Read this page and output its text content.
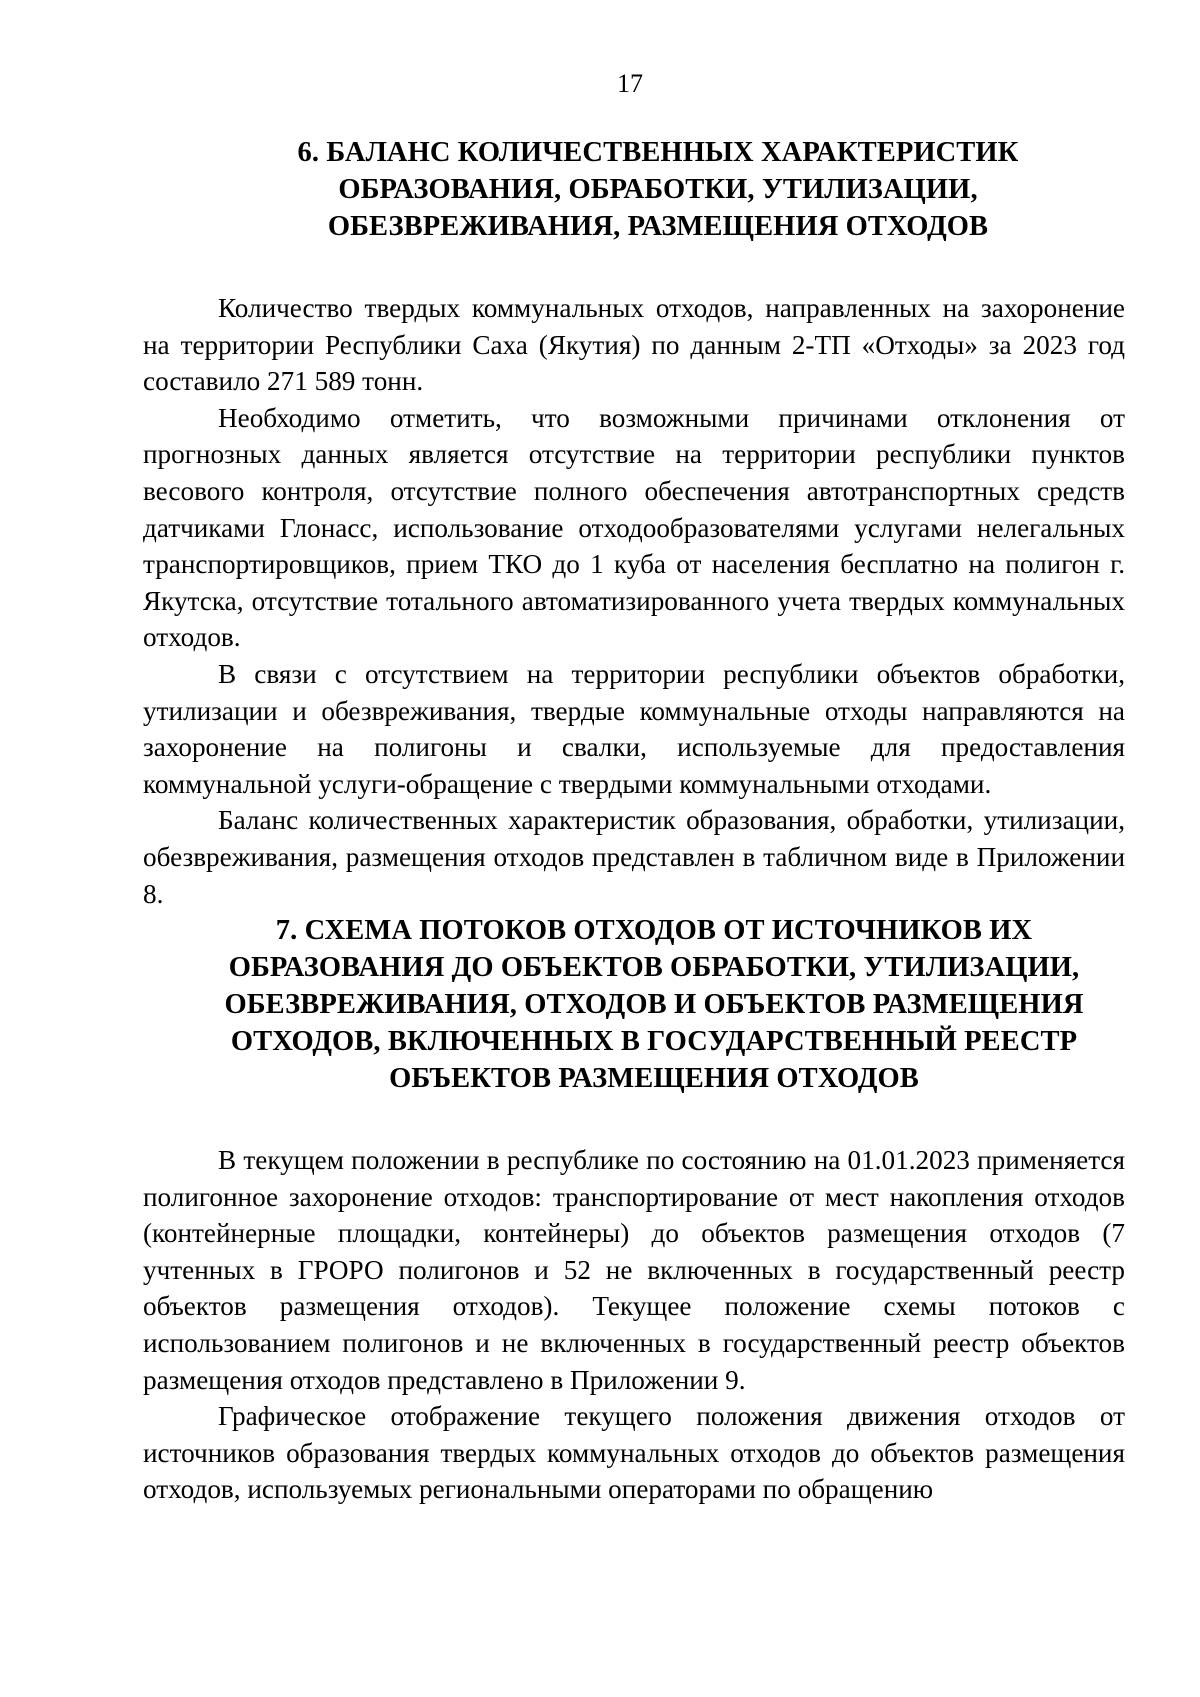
17
6. БАЛАНС КОЛИЧЕСТВЕННЫХ ХАРАКТЕРИСТИК
ОБРАЗОВАНИЯ, ОБРАБОТКИ, УТИЛИЗАЦИИ,
ОБЕЗВРЕЖИВАНИЯ, РАЗМЕЩЕНИЯ ОТХОДОВ

Количество твердых коммунальных отходов, направленных на захоронение на территории Республики Саха (Якутия) по данным 2-ТП «Отходы» за 2023 год составило 271 589 тонн.

Необходимо отметить, что возможными причинами отклонения от прогнозных данных является отсутствие на территории республики пунктов весового контроля, отсутствие полного обеспечения автотранспортных средств датчиками Глонасс, использование отходообразователями услугами нелегальных транспортировщиков, прием ТКО до 1 куба от населения бесплатно на полигон г. Якутска, отсутствие тотального автоматизированного учета твердых коммунальных отходов.

В связи с отсутствием на территории республики объектов обработки, утилизации и обезвреживания, твердые коммунальные отходы направляются на захоронение на полигоны и свалки, используемые для предоставления коммунальной услуги-обращение с твердыми коммунальными отходами.

Баланс количественных характеристик образования, обработки, утилизации, обезвреживания, размещения отходов представлен в табличном виде в Приложении 8.

7. СХЕМА ПОТОКОВ ОТХОДОВ ОТ ИСТОЧНИКОВ ИХ
ОБРАЗОВАНИЯ ДО ОБЪЕКТОВ ОБРАБОТКИ, УТИЛИЗАЦИИ,
ОБЕЗВРЕЖИВАНИЯ, ОТХОДОВ И ОБЪЕКТОВ РАЗМЕЩЕНИЯ
ОТХОДОВ, ВКЛЮЧЕННЫХ В ГОСУДАРСТВЕННЫЙ РЕЕСТР
ОБЪЕКТОВ РАЗМЕЩЕНИЯ ОТХОДОВ

В текущем положении в республике по состоянию на 01.01.2023 применяется полигонное захоронение отходов: транспортирование от мест накопления отходов (контейнерные площадки, контейнеры) до объектов размещения отходов (7 учтенных в ГРОРО полигонов и 52 не включенных в государственный реестр объектов размещения отходов). Текущее положение схемы потоков с использованием полигонов и не включенных в государственный реестр объектов размещения отходов представлено в Приложении 9.

Графическое отображение текущего положения движения отходов от источников образования твердых коммунальных отходов до объектов размещения отходов, используемых региональными операторами по обращению
